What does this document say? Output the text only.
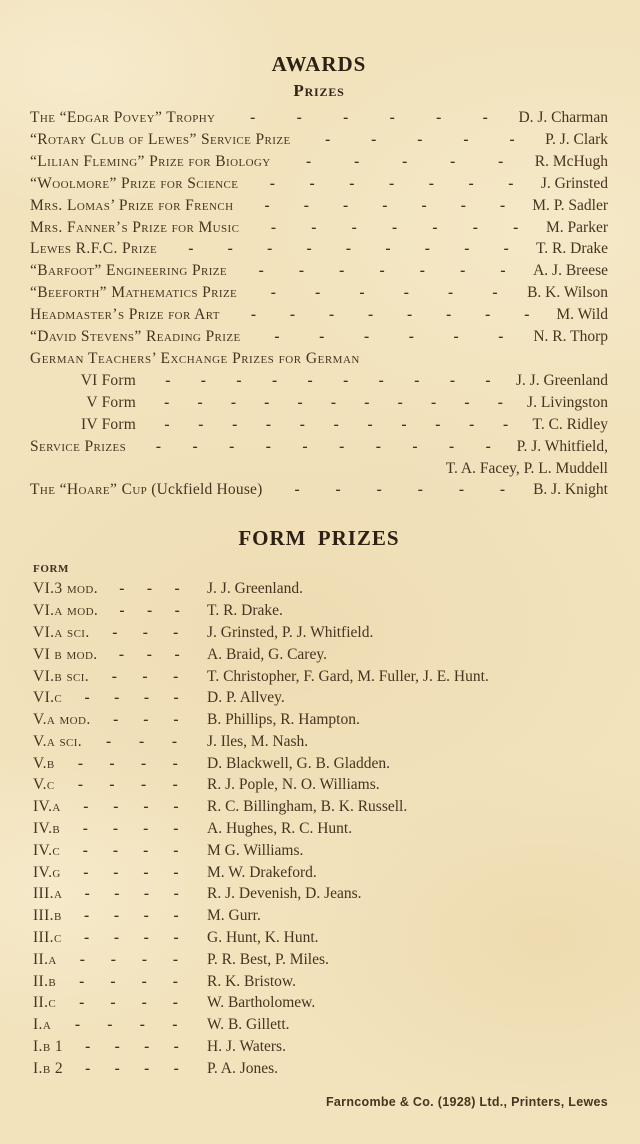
AWARDS
Prizes
The “Edgar Povey” Trophy -	-	-	-	-	- D. J. Charman
“Rotary Club of Lewes” Service Prize -	-	-	-	- P. J. Clark
“Lilian Fleming” Prize for Biology -	-	-	-	- R. McHugh
“Woolmore” Prize for Science - - - - - - - J. Grinsted
Mrs. Lomas’ Prize for French - - - - - - - M. P. Sadler
Mrs. Fanner’s Prize for Music - - - - - - - M. Parker
Lewes R.F.C. Prize - - - - - - - - - T. R. Drake
“Barfoot” Engineering Prize - - - - - - - A. J. Breese
“Beeforth” Mathematics Prize -	-	-	-	-	- B. K. Wilson
Headmaster’s Prize for Art - - - - - - - - M. Wild
“David Stevens” Reading Prize -	-	-	-	-	- N. R. Thorp
German Teachers’ Exchange Prizes for German
VI Form - - - - - - - - - - J. J. Greenland
V Form - - - - - - - - - - - J. Livingston
IV Form - - - - - - - - - - - T. C. Ridley
Service Prizes - - - - - - - - - - P. J. Whitfield,
T. A. Facey, P. L. Muddell
The “Hoare” Cup (Uckfield House) - - - - - - B. J. Knight
FORM PRIZES
FORM
VI.3 mod. - - - J. J. Greenland.
VI.a mod. - - - T. R. Drake.
VI.a sci. - - - J. Grinsted, P. J. Whitfield.
VI b mod. - - - A. Braid, G. Carey.
VI.b sci. - - - T. Christopher, F. Gard, M. Fuller, J. E. Hunt.
VI.c - - - - D. P. Allvey.
V.a mod. - - - B. Phillips, R. Hampton.
V.a sci. - - - J. Iles, M. Nash.
V.b - - - - D. Blackwell, G. B. Gladden.
V.c - - - - R. J. Pople, N. O. Williams.
IV.a - - - - R. C. Billingham, B. K. Russell.
IV.b - - - - A. Hughes, R. C. Hunt.
IV.c - - - - M G. Williams.
IV.g - - - - M. W. Drakeford.
III.a - - - - R. J. Devenish, D. Jeans.
III.b - - - - M. Gurr.
III.c - - - - G. Hunt, K. Hunt.
II.a - - - - P. R. Best, P. Miles.
II.b - - - - R. K. Bristow.
II.c - - - - W. Bartholomew.
I.a - - - - W. B. Gillett.
I.b 1 - - - - H. J. Waters.
I.b 2 - - - - P. A. Jones.
Farncombe & Co. (1928) Ltd., Printers, Lewes
